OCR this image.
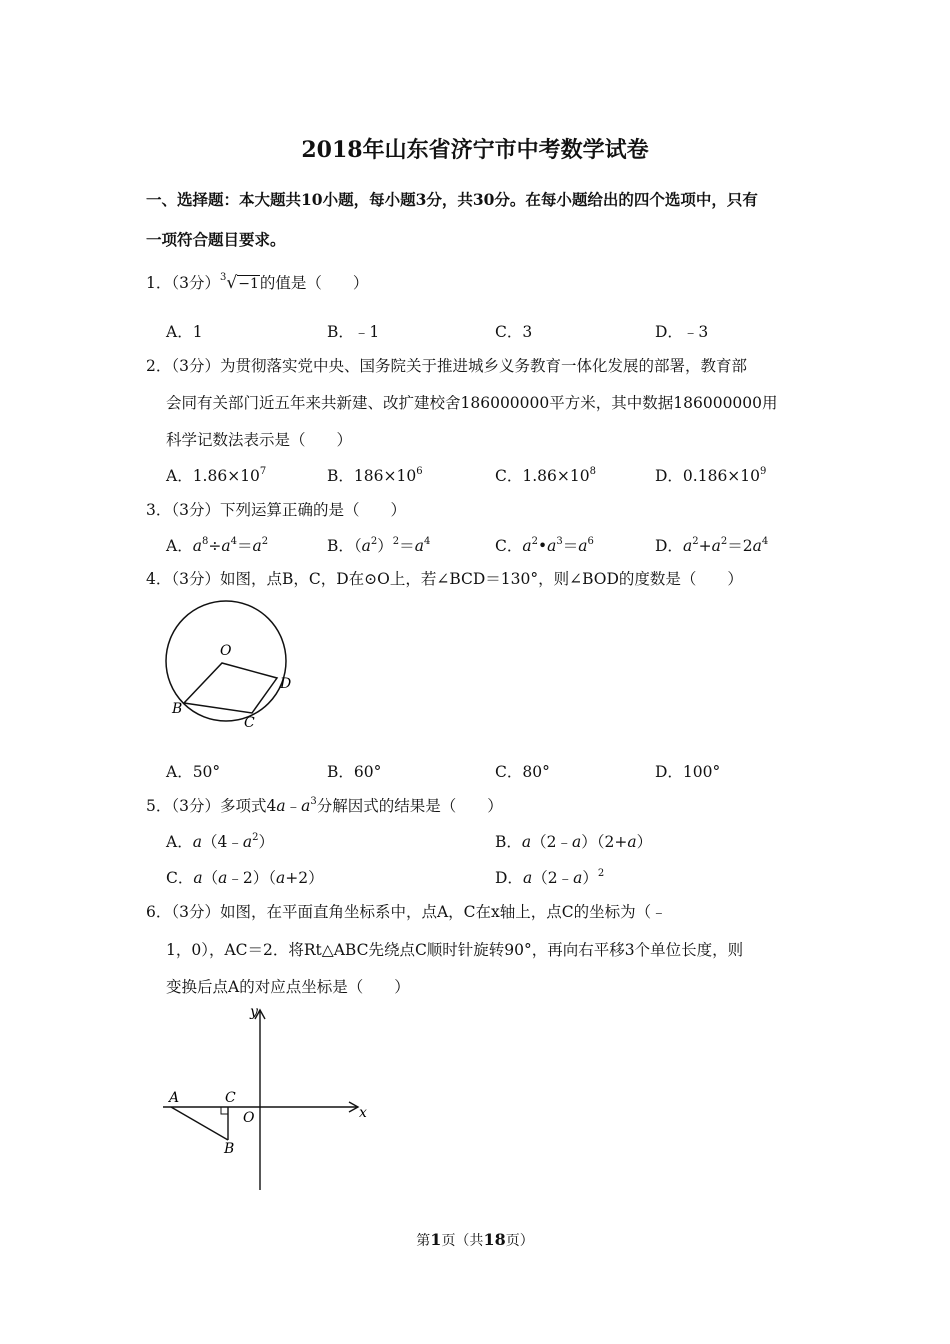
2018年山东省济宁市中考数学试卷
一、选择题：本大题共10小题，每小题3分，共30分。在每小题给出的四个选项中，只有
一项符合题目要求。
1．（3分）$^3$√−1的值是（　　）
A．1	B．﹣1	C．3	D．﹣3
2．（3分）为贯彻落实党中央、国务院关于推进城乡义务教育一体化发展的部署，教育部
会同有关部门近五年来共新建、改扩建校舍186000000平方米，其中数据186000000用
科学记数法表示是（　　）
A．$1.86\times 10^7$	B．$186\times 10^6$	C．$1.86\times 10^8$	D．$0.186\times 10^9$
3．（3分）下列运算正确的是（　　）
A．$a^8\div a^4=a^2$	B．$(a^2)^2=a^4$	C．$a^2•a^3=a^6$	D．$a^2+a^2=2a^4$
4．（3分）如图，点B，C，D在⊙O上，若∠BCD＝130°，则∠BOD的度数是（　　）
O
B
C
D
A．50°	B．60°	C．80°	D．100°
5．（3分）多项式$4a﹣a^3$分解因式的结果是（　　）
A．$a(4﹣a^2)$	B．a（2﹣a）（2+a）
C．a（a﹣2）（a+2）	D．a（2﹣a）$^2$
6．（3分）如图，在平面直角坐标系中，点A，C在x轴上，点C的坐标为（﹣
1，0），AC＝2．将Rt△ABC先绕点C顺时针旋转90°，再向右平移3个单位长度，则
变换后点A的对应点坐标是（　　）
y
x
A	C
O
B
第1页（共18页）
